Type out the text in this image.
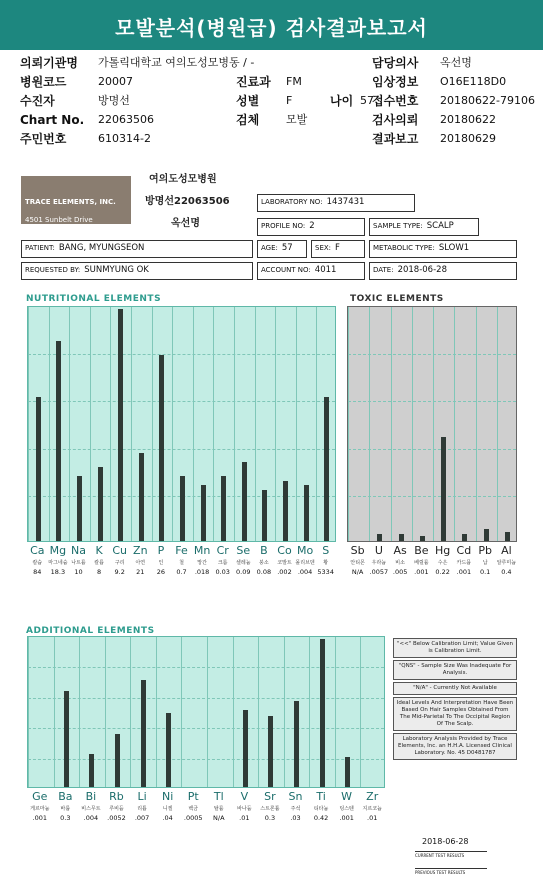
모발분석(병원급) 검사결과보고서
의뢰기관명 가톨릭대학교 여의도성모병동 / -	담당의사 옥선명
병원코드	20007	진료과 FM	임상정보 O16E118D0
수진자	방명선	성별 F	나이 57
접수번호 20180622-79106
Chart No. 22063506	검체 모발	검사의뢰 20180622
주민번호	610314-2	결과보고 20180629
TRACE ELEMENTS, INC.
4501 Sunbelt Drive
여의도성모병원
방명선22063506
옥선명
LABORATORY NO: 1437431
PROFILE NO: 2	SAMPLE TYPE: SCALP
PATIENT: BANG, MYUNGSEON	AGE: 57	SEX: F	METABOLIC TYPE: SLOW1
REQUESTED BY: SUNMYUNG OK	ACCOUNT NO: 4011	DATE: 2018-06-28
NUTRITIONAL ELEMENTS	TOXIC ELEMENTS
ADDITIONAL ELEMENTS
Ca
칼슘
84
Mg
마그네슘
18.3
Na
나트륨
10
K
칼륨
8
Cu
구리
9.2
Zn
아연
21
P
인
26
Fe
철
0.7
Mn
망간
.018
Cr
크롬
0.03
Se
셀레늄
0.09
B
붕소
0.08
Co
코발트
.002
Mo
몰리브덴
.004
S
황
5334
Sb
안티몬
N/A
U
우라늄
.0057
As
비소
.005
Be
베릴륨
.001
Hg
수은
0.22
Cd
카드뮴
.001
Pb
납
0.1
Al
알루미늄
0.4
Ge
게르마늄
.001
Ba
바륨
0.3
Bi
비스무트
.004
Rb
루비듐
.0052
Li
리튬
.007
Ni
니켈
.04
Pt
백금
.0005
Tl
탈륨
N/A
V
바나듐
.01
Sr
스트론튬
0.3
Sn
주석
.03
Ti
티타늄
0.42
W
텅스텐
.001
Zr
지르코늄
.01
"<<" Below Calibration Limit; Value Given is Calibration Limit.
"QNS" - Sample Size Was Inadequate For Analysis.
"N/A" - Currently Not Available
Ideal Levels And Interpretation Have Been Based On Hair Samples Obtained From The Mid-Parietal To The Occipital Region Of The Scalp.
Laboratory Analysis Provided by Trace Elements, Inc. an H.H.A. Licensed Clinical Laboratory. No. 45 D0481787
2018-06-28
CURRENT TEST RESULTS
PREVIOUS TEST RESULTS
